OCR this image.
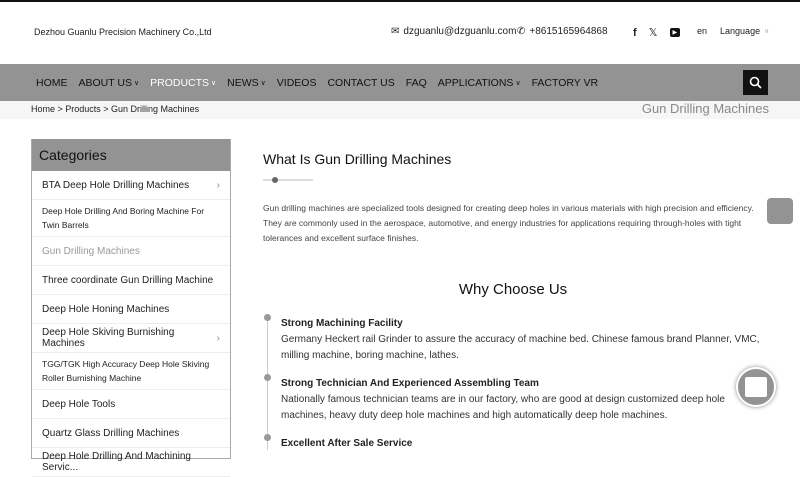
Dezhou Guanlu Precision Machinery Co.,Ltd	✉ dzguanlu@dzguanlu.com ✆ +8615165964868 f 𝕏	▶	en
Language ∨
HOME ABOUT US ∨ PRODUCTS ∨ NEWS ∨ VIDEOS CONTACT US FAQ APPLICATIONS ∨ FACTORY VR
Home > Products > Gun Drilling Machines	Gun Drilling Machines
Categories
BTA Deep Hole Drilling Machines	›
Deep Hole Drilling And Boring Machine For Twin Barrels
Gun Drilling Machines
Three coordinate Gun Drilling Machine
Deep Hole Honing Machines
Deep Hole Skiving Burnishing Machines	›
TGG/TGK High Accuracy Deep Hole Skiving Roller Burnishing Machine
Deep Hole Tools
Quartz Glass Drilling Machines
Deep Hole Drilling And Machining Servic...
What Is Gun Drilling Machines
Gun drilling machines are specialized tools designed for creating deep holes in various materials with high precision and efficiency. They are commonly used in the aerospace, automotive, and energy industries for applications requiring through-holes with tight tolerances and excellent surface finishes.
Why Choose Us
Strong Machining Facility
Germany Heckert rail Grinder to assure the accuracy of machine bed. Chinese famous brand Planner, VMC, milling machine, boring machine, lathes.
Strong Technician And Experienced Assembling Team
Nationally famous technician teams are in our factory, who are good at design customized deep hole machines, heavy duty deep hole machines and high automatically deep hole machines.
Excellent After Sale Service
